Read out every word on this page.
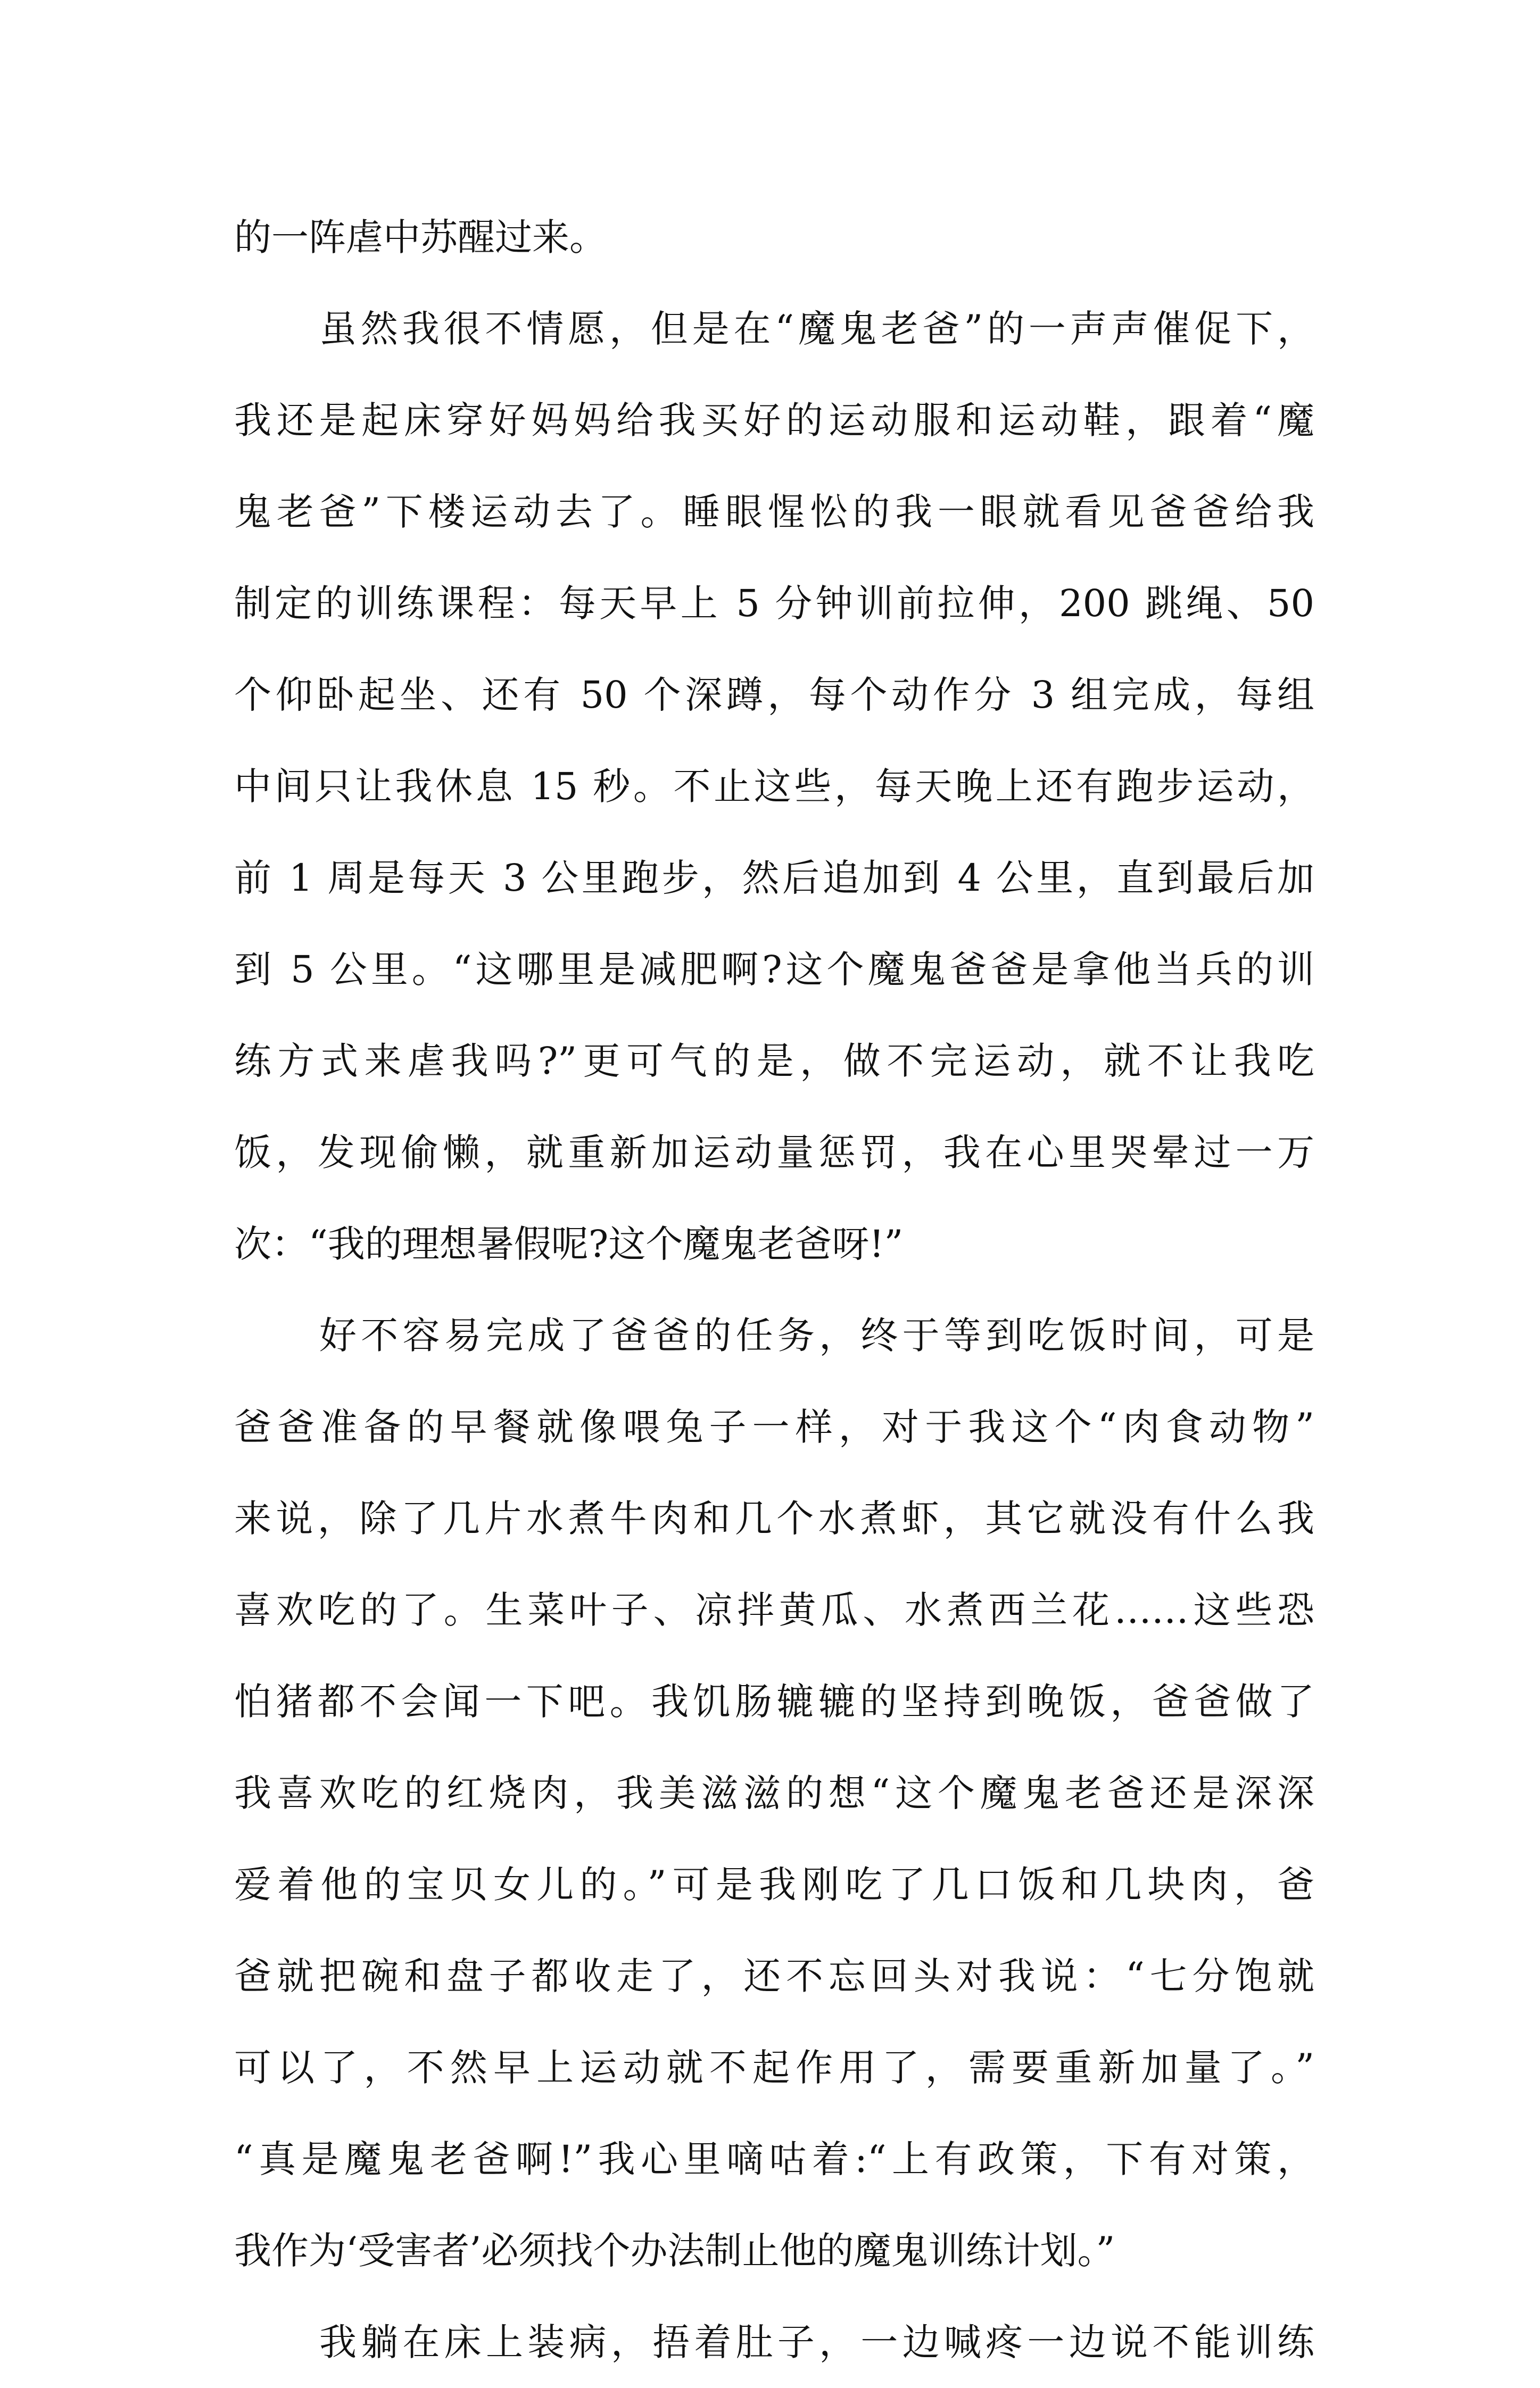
的一阵虐中苏醒过来。
虽然我很不情愿，但是在“魔鬼老爸”的一声声催促下，
我还是起床穿好妈妈给我买好的运动服和运动鞋，跟着“魔
鬼老爸”下楼运动去了。睡眼惺忪的我一眼就看见爸爸给我
制定的训练课程：每天早上 5 分钟训前拉伸，200 跳绳、50
个仰卧起坐、还有 50 个深蹲，每个动作分 3 组完成，每组
中间只让我休息 15 秒。不止这些，每天晚上还有跑步运动，
前 1 周是每天 3 公里跑步，然后追加到 4 公里，直到最后加
到 5 公里。“这哪里是减肥啊?这个魔鬼爸爸是拿他当兵的训
练方式来虐我吗?”更可气的是，做不完运动，就不让我吃
饭，发现偷懒，就重新加运动量惩罚，我在心里哭晕过一万
次：“我的理想暑假呢?这个魔鬼老爸呀!”
好不容易完成了爸爸的任务，终于等到吃饭时间，可是
爸爸准备的早餐就像喂兔子一样，对于我这个“肉食动物”
来说，除了几片水煮牛肉和几个水煮虾，其它就没有什么我
喜欢吃的了。生菜叶子、凉拌黄瓜、水煮西兰花……这些恐
怕猪都不会闻一下吧。我饥肠辘辘的坚持到晚饭，爸爸做了
我喜欢吃的红烧肉，我美滋滋的想“这个魔鬼老爸还是深深
爱着他的宝贝女儿的。”可是我刚吃了几口饭和几块肉，爸
爸就把碗和盘子都收走了，还不忘回头对我说：“七分饱就
可以了，不然早上运动就不起作用了，需要重新加量了。”
“真是魔鬼老爸啊!”我心里嘀咕着:“上有政策，下有对策，
我作为‘受害者’必须找个办法制止他的魔鬼训练计划。”
我躺在床上装病，捂着肚子，一边喊疼一边说不能训练
